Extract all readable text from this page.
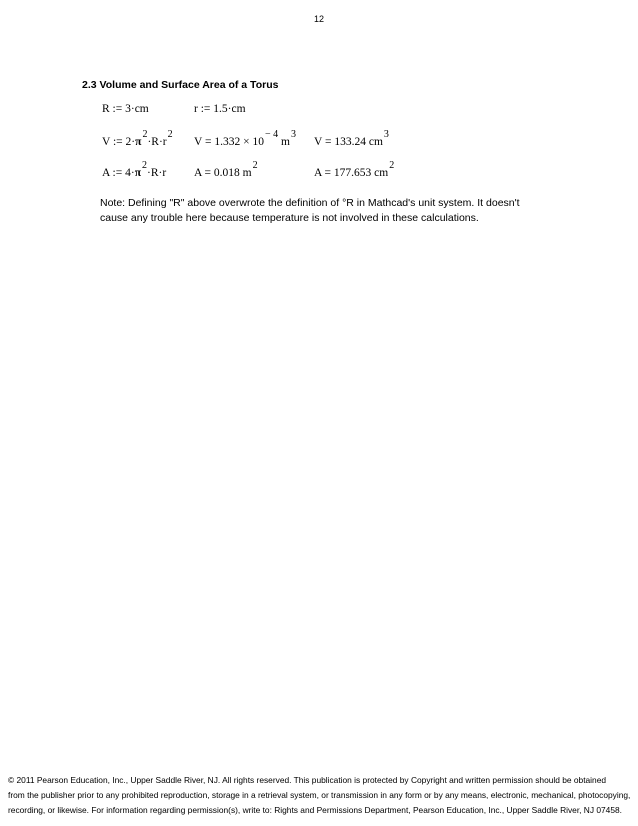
12
2.3 Volume and Surface Area of a Torus
R := 3·cm	r := 1.5·cm
V := 2·π2·R·r2
V = 1.332 × 10− 4 m3
V = 133.24 cm3
A := 4·π2·R·r A = 0.018 m2
A = 177.653 cm2
Note: Defining "R" above overwrote the definition of °R in Mathcad's unit system. It doesn't
cause any trouble here because temperature is not involved in these calculations.
© 2011 Pearson Education, Inc., Upper Saddle River, NJ. All rights reserved. This publication is protected by Copyright and written permission should be obtained
from the publisher prior to any prohibited reproduction, storage in a retrieval system, or transmission in any form or by any means, electronic, mechanical, photocopying,
recording, or likewise. For information regarding permission(s), write to: Rights and Permissions Department, Pearson Education, Inc., Upper Saddle River, NJ 07458.
